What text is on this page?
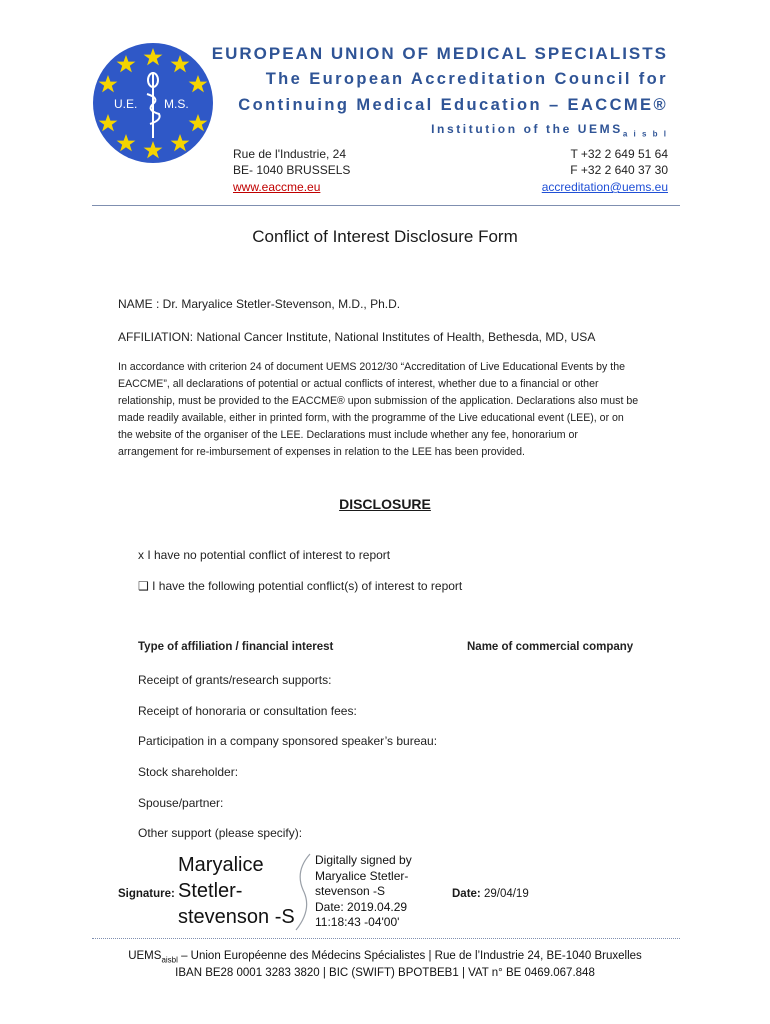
U.E. M.S.
EUROPEAN UNION OF MEDICAL SPECIALISTS
The European Accreditation Council for
Continuing Medical Education – EACCME®
Institution of the $UEMS_{a i s b l}$
Rue de l'Industrie, 24
BE- 1040 BRUSSELS
www.eaccme.eu
T +32 2 649 51 64
F +32 2 640 37 30
accreditation@uems.eu
Conflict of Interest Disclosure Form
NAME : Dr. Maryalice Stetler-Stevenson, M.D., Ph.D.
AFFILIATION: National Cancer Institute, National Institutes of Health, Bethesda, MD, USA

In accordance with criterion 24 of document UEMS 2012/30 “Accreditation of Live Educational Events by the

EACCME”, all declarations of potential or actual conflicts of interest, whether due to a financial or other

relationship, must be provided to the EACCME® upon submission of the application. Declarations also must be

made readily available, either in printed form, with the programme of the Live educational event (LEE), or on

the website of the organiser of the LEE. Declarations must include whether any fee, honorarium or

arrangement for re-imbursement of expenses in relation to the LEE has been provided.

DISCLOSURE
x I have no potential conflict of interest to report
❑ I have the following potential conflict(s) of interest to report
Type of affiliation / financial interest	Name of commercial company
Receipt of grants/research supports:
Receipt of honoraria or consultation fees:
Participation in a company sponsored speaker’s bureau:
Stock shareholder:
Spouse/partner:
Other support (please specify):
Signature:
Maryalice
Stetler-
stevenson -S
Digitally signed by
Maryalice Stetler-
stevenson -S
Date: 2019.04.29
11:18:43 -04'00'
Date: 29/04/19
$UEMS_{aisbl}$ – Union Européenne des Médecins Spécialistes | Rue de l’Industrie 24, BE-1040 Bruxelles
IBAN BE28 0001 3283 3820 | BIC (SWIFT) BPOTBEB1 | VAT n° BE 0469.067.848
